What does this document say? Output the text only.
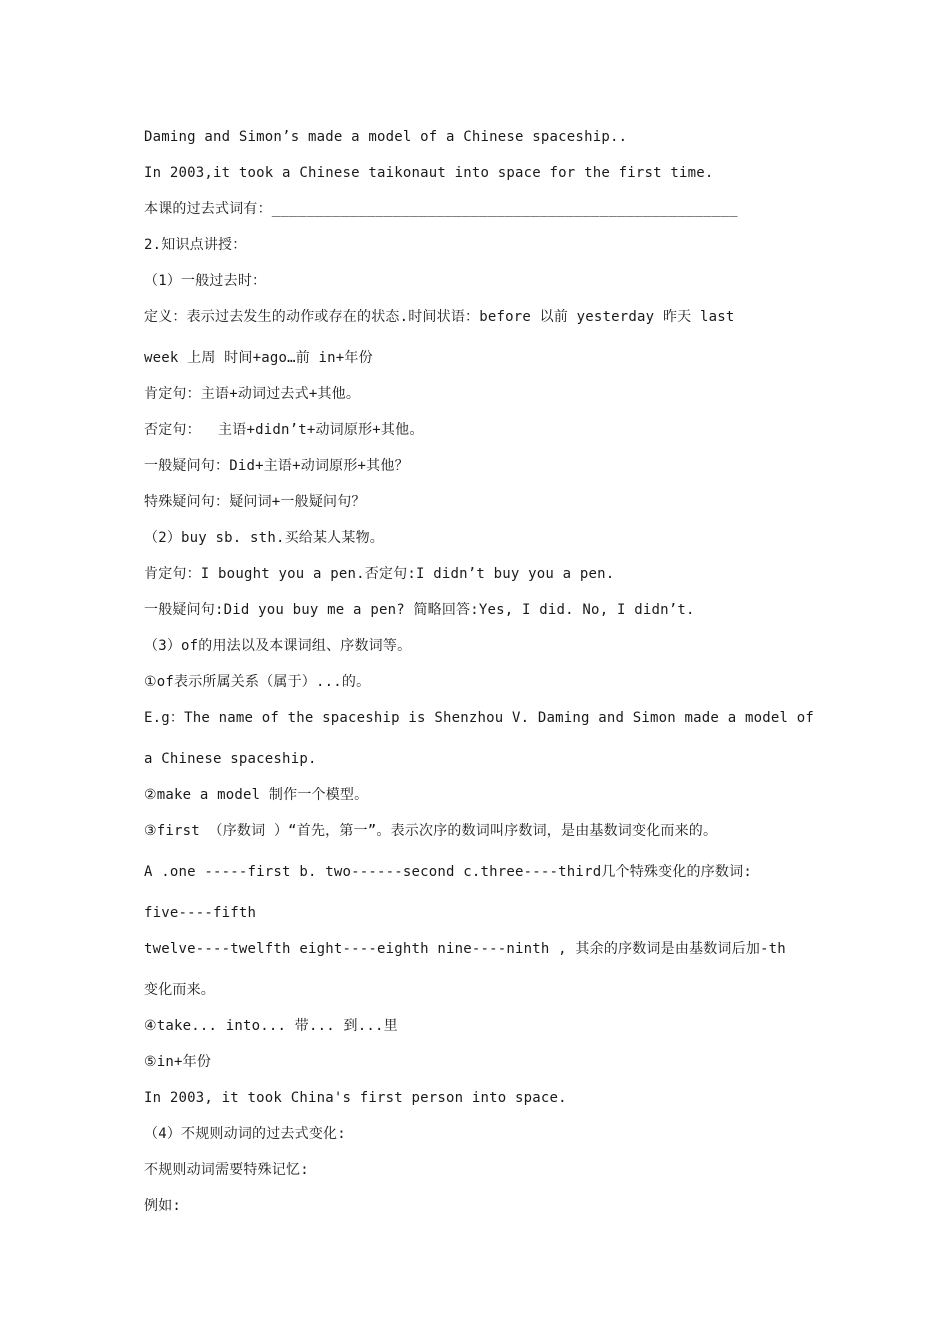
Daming and Simon’s made a model of a Chinese spaceship..
In 2003,it took a Chinese taikonaut into space for the first time.
本课的过去式词有：______________________________________________________
2.知识点讲授：
（1）一般过去时：
定义：表示过去发生的动作或存在的状态.时间状语：before 以前 yesterday 昨天 last
week 上周 时间+ago…前 in+年份
肯定句：主语+动词过去式+其他。
否定句：  主语+didn’t+动词原形+其他。
一般疑问句：Did+主语+动词原形+其他？
特殊疑问句：疑问词+一般疑问句？
（2）buy sb. sth.买给某人某物。
肯定句：I bought you a pen.否定句:I didn’t buy you a pen.
一般疑问句:Did you buy me a pen? 简略回答:Yes, I did. No, I didn’t.
（3）of的用法以及本课词组、序数词等。
①of表示所属关系（属于）...的。
E.g：The name of the spaceship is Shenzhou V. Daming and Simon made a model of
a Chinese spaceship.
②make a model 制作一个模型。
③first （序数词 ）“首先，第一”。表示次序的数词叫序数词，是由基数词变化而来的。
A .one -----first b. two------second c.three----third几个特殊变化的序数词:
five----fifth
twelve----twelfth eight----eighth nine----ninth , 其余的序数词是由基数词后加-th
变化而来。
④take... into... 带... 到...里
⑤in+年份
In 2003, it took China's first person into space.
（4）不规则动词的过去式变化:
不规则动词需要特殊记忆:
例如:
